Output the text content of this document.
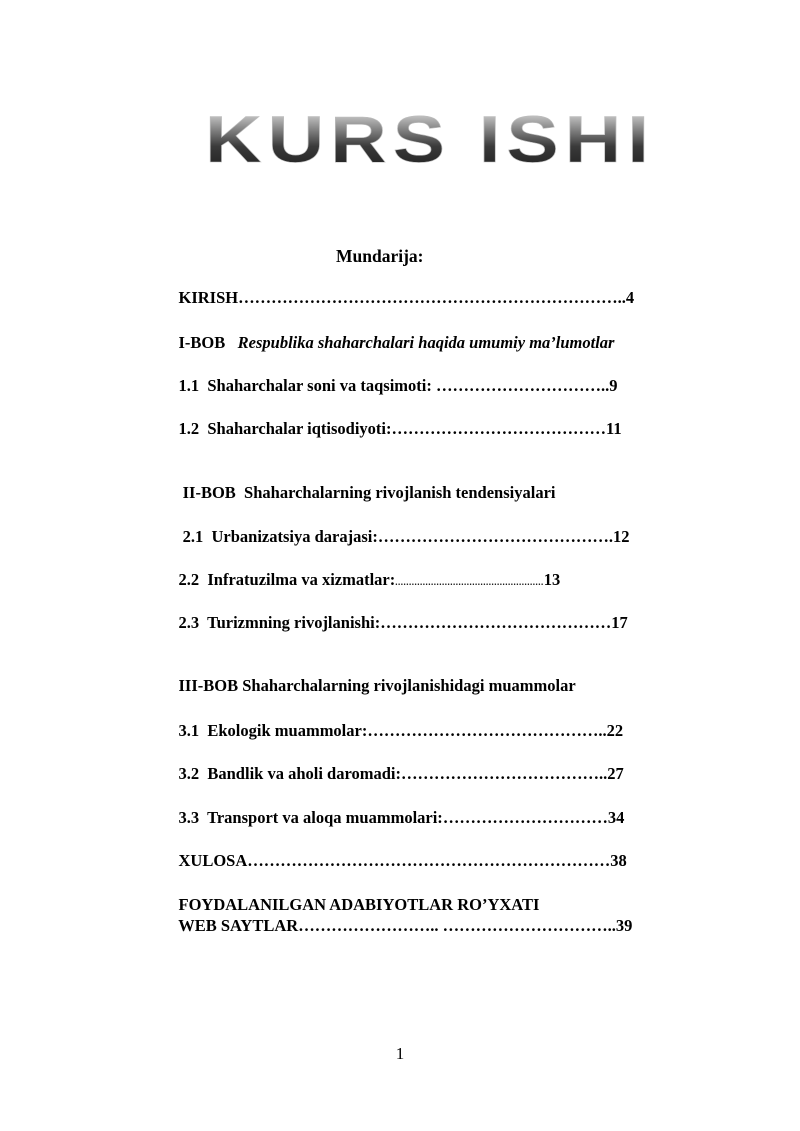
KURS ISHI
Mundarija:

KIRISH……………………………………………………………..4

I-BOB Respublika shaharchalari haqida umumiy ma’lumotlar

1.1  Shaharchalar soni va taqsimoti: …………………………..9

1.2  Shaharchalar iqtisodiyoti:…………………………………11

II-BOB  Shaharchalarning rivojlanish tendensiyalari

2.1  Urbanizatsiya darajasi:…………………………………….12

2.2  Infratuzilma va xizmatlar:......................................................13

2.3  Turizmning rivojlanishi:……………………………………17

III-BOB Shaharchalarning rivojlanishidagi muammolar

3.1  Ekologik muammolar:……………………………………..22

3.2  Bandlik va aholi daromadi:………………………………..27

3.3  Transport va aloqa muammolari:…………………………34

XULOSA…………………………………………………………38

FOYDALANILGAN ADABIYOTLAR RO’YXATI

WEB SAYTLAR…………………….. …………………………..39

1
